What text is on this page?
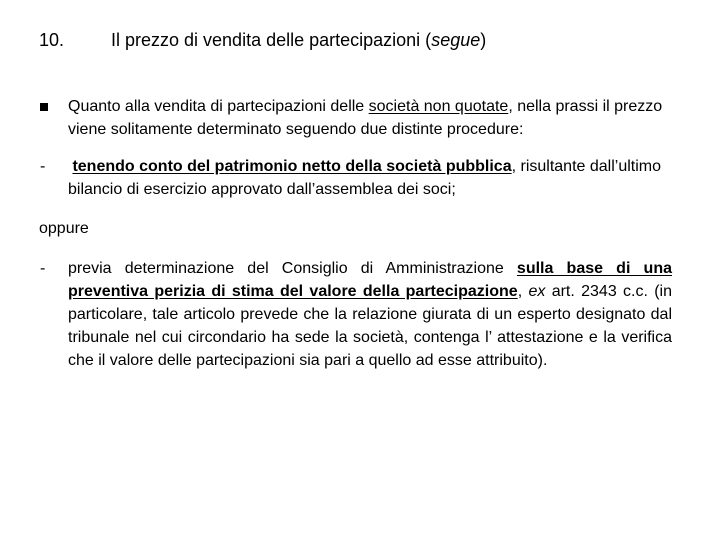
10.	Il prezzo di vendita delle partecipazioni (segue)
Quanto alla vendita di partecipazioni delle società non quotate, nella prassi il prezzo viene solitamente determinato seguendo due distinte procedure:
- tenendo conto del patrimonio netto della società pubblica, risultante dall’ultimo bilancio di esercizio approvato dall’assemblea dei soci;
oppure
- previa determinazione del Consiglio di Amministrazione sulla base di una preventiva perizia di stima del valore della partecipazione, ex art. 2343 c.c. (in particolare, tale articolo prevede che la relazione giurata di un esperto designato dal tribunale nel cui circondario ha sede la società, contenga l’ attestazione e la verifica che il valore delle partecipazioni sia pari a quello ad esse attribuito).
